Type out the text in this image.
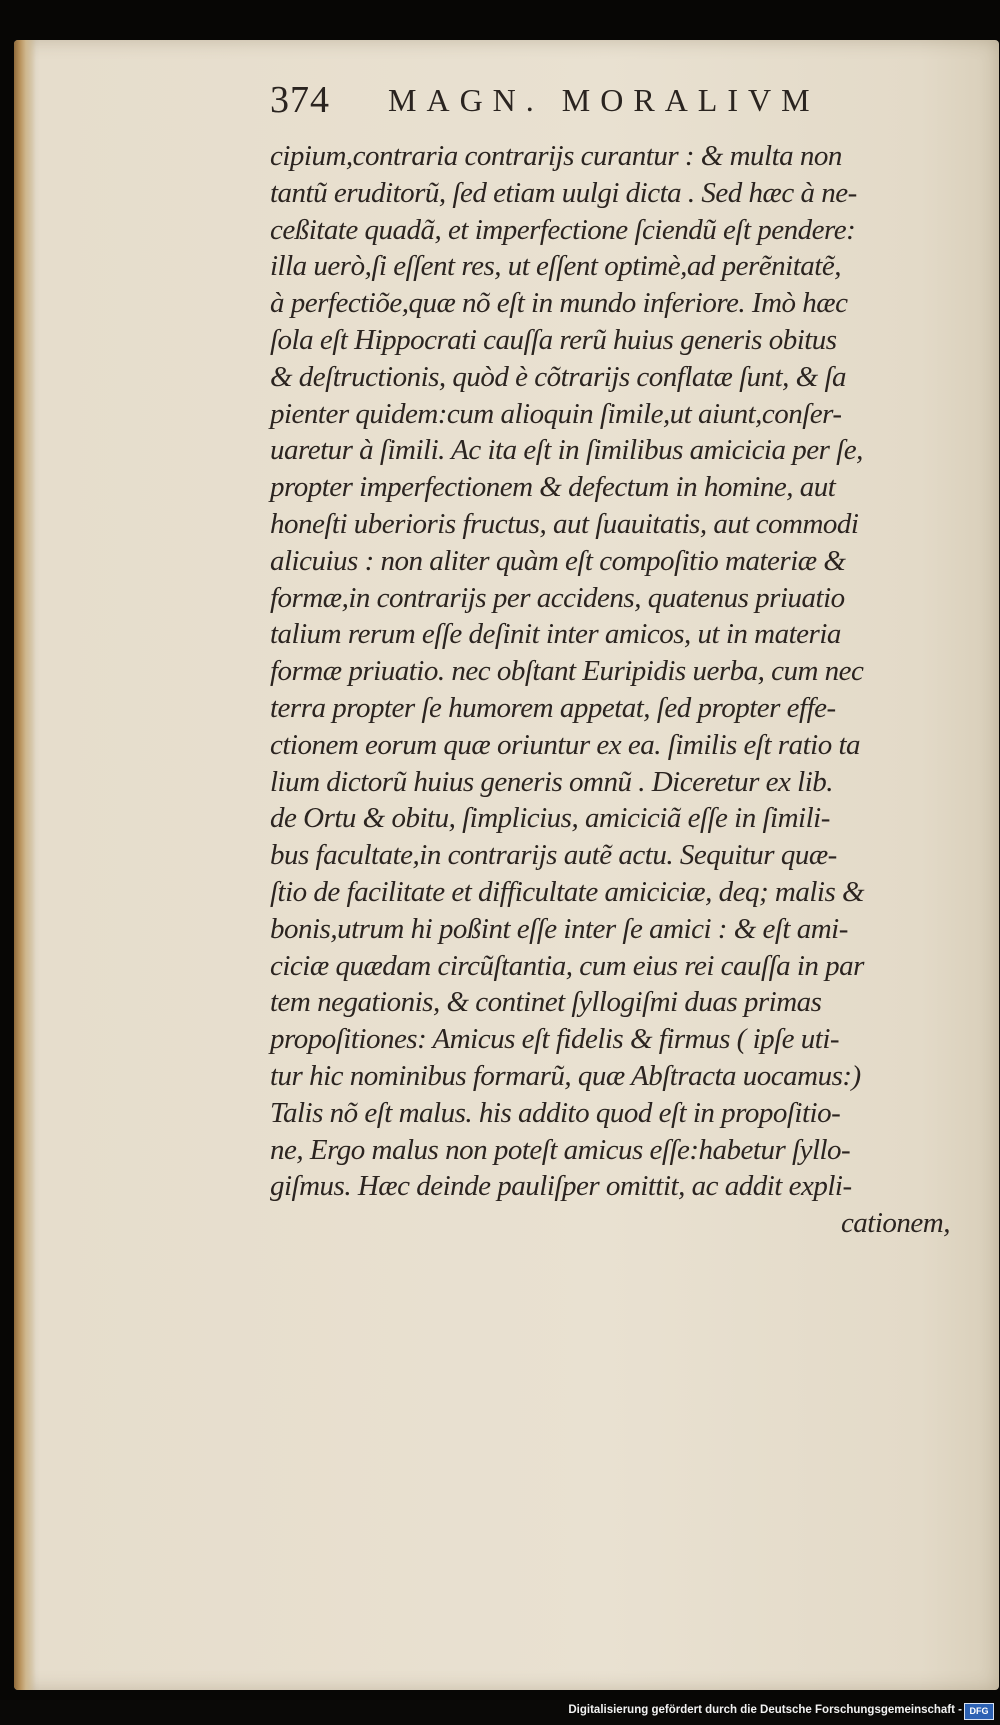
374 MAGN. MORALIVM
cipium,contraria contrarijs curantur : & multa non
tantũ eruditorũ, ſed etiam uulgi dicta . Sed hæc à ne-
ceßitate quadã, et imperfectione ſciendũ eſt pendere:
illa uerò,ſi eſſent res, ut eſſent optimè,ad perẽnitatẽ,
à perfectiõe,quæ nõ eſt in mundo inferiore. Imò hæc
ſola eſt Hippocrati cauſſa rerũ huius generis obitus
& deſtructionis, quòd è cõtrarijs conflatæ ſunt, & ſa
pienter quidem:cum alioquin ſimile,ut aiunt,conſer-
uaretur à ſimili. Ac ita eſt in ſimilibus amicicia per ſe,
propter imperfectionem & defectum in homine, aut
honeſti uberioris fructus, aut ſuauitatis, aut commodi
alicuius : non aliter quàm eſt compoſitio materiæ &
formæ,in contrarijs per accidens, quatenus priuatio
talium rerum eſſe deſinit inter amicos, ut in materia
formæ priuatio. nec obſtant Euripidis uerba, cum nec
terra propter ſe humorem appetat, ſed propter effe-
ctionem eorum quæ oriuntur ex ea. ſimilis eſt ratio ta
lium dictorũ huius generis omnũ . Diceretur ex lib.
de Ortu & obitu, ſimplicius, amiciciã eſſe in ſimili-
bus facultate,in contrarijs autẽ actu. Sequitur quæ-
ſtio de facilitate et difficultate amiciciæ, deq; malis &
bonis,utrum hi poßint eſſe inter ſe amici : & eſt ami-
ciciæ quædam circũſtantia, cum eius rei cauſſa in par
tem negationis, & continet ſyllogiſmi duas primas
propoſitiones: Amicus eſt fidelis & firmus ( ipſe uti-
tur hic nominibus formarũ, quæ Abſtracta uocamus:)
Talis nõ eſt malus. his addito quod eſt in propoſitio-
ne, Ergo malus non poteſt amicus eſſe:habetur ſyllo-
giſmus. Hæc deinde pauliſper omittit, ac addit expli-
cationem,
Digitalisierung gefördert durch die Deutsche Forschungsgemeinschaft - DFG
